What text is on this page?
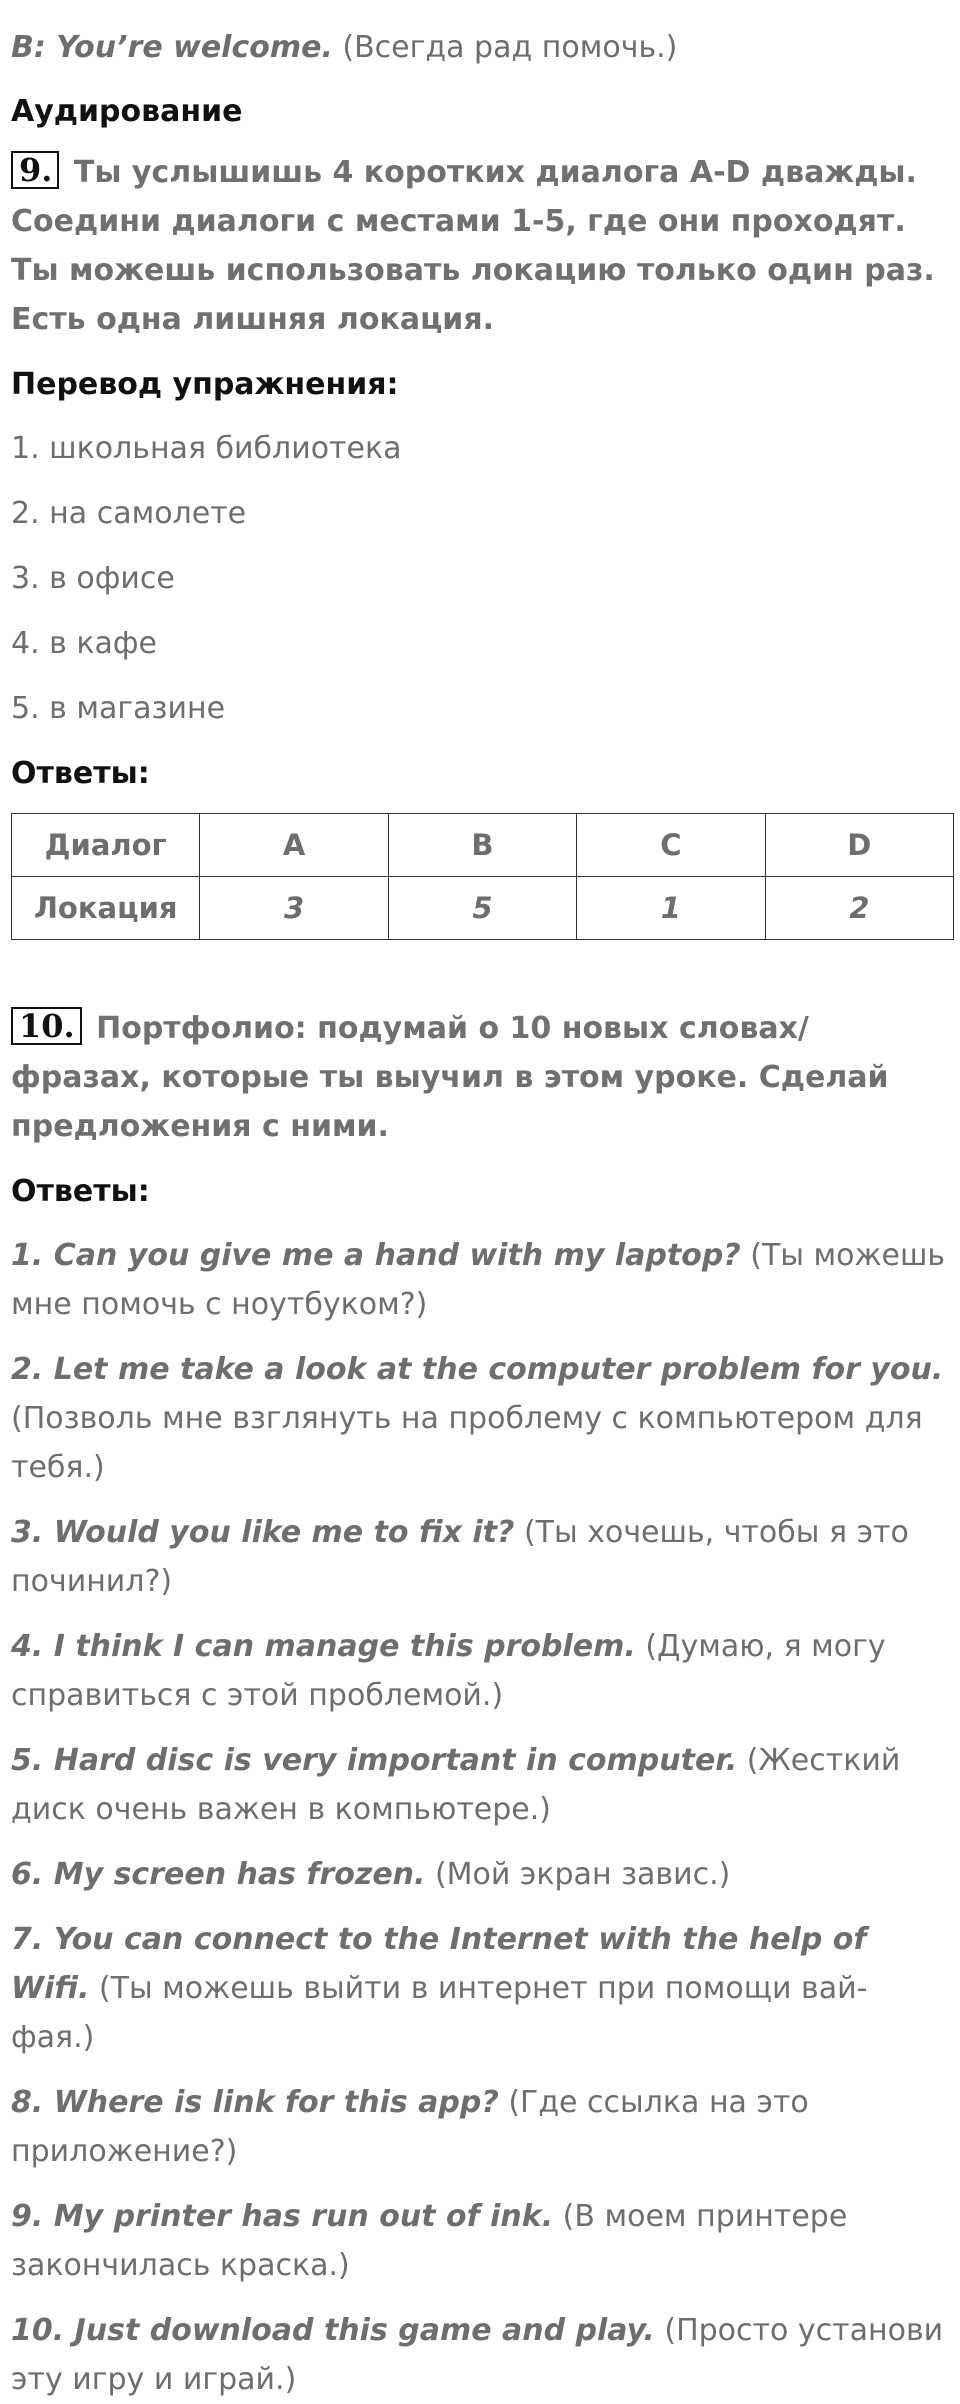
B: You’re welcome. (Всегда рад помочь.)

Аудирование

9. Ты услышишь 4 коротких диалога A-D дважды. Соедини диалоги с местами 1-5, где они проходят. Ты можешь использовать локацию только один раз. Есть одна лишняя локация.

Перевод упражнения:

1. школьная библиотека

2. на самолете

3. в офисе

4. в кафе

5. в магазине

Ответы:

Диалог	A	B	C	D
Локация	3	5	1	2

10. Портфолио: подумай о 10 новых словах/ фразах, которые ты выучил в этом уроке. Сделай предложения с ними.

Ответы:

1. Can you give me a hand with my laptop? (Ты можешь мне помочь с ноутбуком?)

2. Let me take a look at the computer problem for you. (Позволь мне взглянуть на проблему с компьютером для тебя.)

3. Would you like me to fix it? (Ты хочешь, чтобы я это починил?)

4. I think I can manage this problem. (Думаю, я могу справиться с этой проблемой.)

5. Hard disc is very important in computer. (Жесткий диск очень важен в компьютере.)

6. My screen has frozen. (Мой экран завис.)

7. You can connect to the Internet with the help of Wifi. (Ты можешь выйти в интернет при помощи вай-фая.)

8. Where is link for this app? (Где ссылка на это приложение?)

9. My printer has run out of ink. (В моем принтере закончилась краска.)

10. Just download this game and play. (Просто установи эту игру и играй.)
